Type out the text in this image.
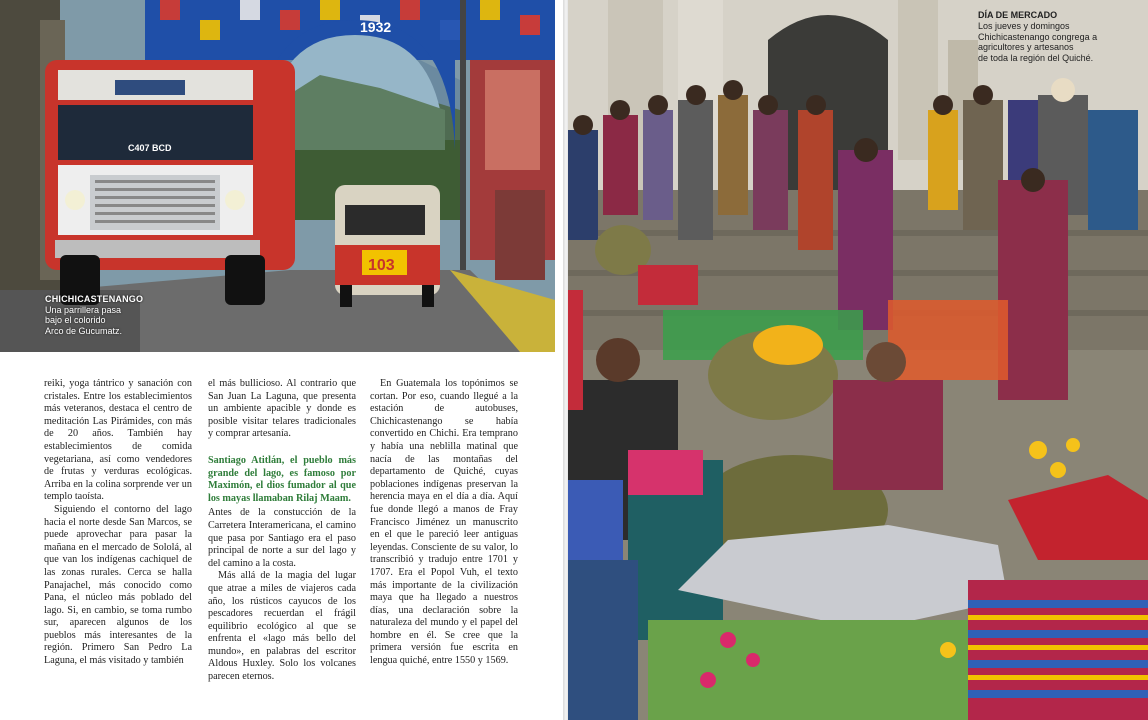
1932
C407 BCD
103
CHICHICASTENANGO
Una parrillera pasa
bajo el colorido
Arco de Gucumatz.

reiki, yoga tántrico y sanación con cristales. Entre los establecimientos más veteranos, destaca el centro de meditación Las Pirámides, con más de 20 años. También hay establecimientos de comida vegetariana, así como vendedores de frutas y verduras ecológicas. Arriba en la colina sorprende ver un templo taoísta.

Siguiendo el contorno del lago hacia el norte desde San Marcos, se puede aprovechar para pasar la mañana en el mercado de Sololá, al que van los indígenas cachiquel de las zonas rurales. Cerca se halla Panajachel, más conocido como Pana, el núcleo más poblado del lago. Si, en cambio, se toma rumbo sur, aparecen algunos de los pueblos más interesantes de la región. Primero San Pedro La Laguna, el más visitado y también

el más bullicioso. Al contrario que San Juan La Laguna, que presenta un ambiente apacible y donde es posible visitar telares tradicionales y comprar artesanía.

Santiago Atitlán, el pueblo más grande del lago, es famoso por Maximón, el dios fumador al que los mayas llamaban Rilaj Maam.

Antes de la constucción de la Carretera Interamericana, el camino que pasa por Santiago era el paso principal de norte a sur del lago y del camino a la costa.

Más allá de la magia del lugar que atrae a miles de viajeros cada año, los rústicos cayucos de los pescadores recuerdan el frágil equilibrio ecológico al que se enfrenta el «lago más bello del mundo», en palabras del escritor Aldous Huxley. Solo los volcanes parecen eternos.

En Guatemala los topónimos se cortan. Por eso, cuando llegué a la estación de autobuses, Chichicastenango se había convertido en Chichi. Era temprano y había una neblilla matinal que nacía de las montañas del departamento de Quiché, cuyas poblaciones indígenas preservan la herencia maya en el día a día. Aquí fue donde llegó a manos de Fray Francisco Jiménez un manuscrito en el que le pareció leer antiguas leyendas. Consciente de su valor, lo transcribió y tradujo entre 1701 y 1707. Era el Popol Vuh, el texto más importante de la civilización maya que ha llegado a nuestros días, una declaración sobre la naturaleza del mundo y el papel del hombre en él. Se cree que la primera versión fue escrita en lengua quiché, entre 1550 y 1569.

DÍA DE MERCADO
Los jueves y domingos
Chichicastenango congrega a
agricultores y artesanos
de toda la región del Quiché.
